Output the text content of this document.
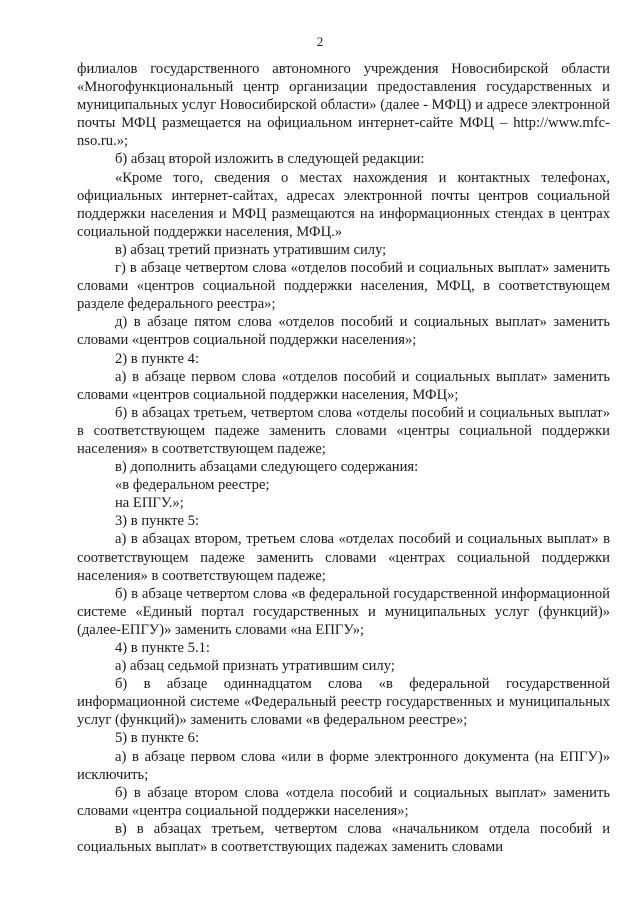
2

филиалов государственного автономного учреждения Новосибирской области «Многофункциональный центр организации предоставления государственных и муниципальных услуг Новосибирской области» (далее - МФЦ) и адресе электронной почты МФЦ размещается на официальном интернет-сайте МФЦ – http://www.mfc-nso.ru.»;

б) абзац второй изложить в следующей редакции:

«Кроме того, сведения о местах нахождения и контактных телефонах, официальных интернет-сайтах, адресах электронной почты центров социальной поддержки населения и МФЦ размещаются на информационных стендах в центрах социальной поддержки населения, МФЦ.»

в) абзац третий признать утратившим силу;

г) в абзаце четвертом слова «отделов пособий и социальных выплат» заменить словами «центров социальной поддержки населения, МФЦ, в соответствующем разделе федерального реестра»;

д) в абзаце пятом слова «отделов пособий и социальных выплат» заменить словами «центров социальной поддержки населения»;

2) в пункте 4:

а) в абзаце первом слова «отделов пособий и социальных выплат» заменить словами «центров социальной поддержки населения, МФЦ»;

б) в абзацах третьем, четвертом слова «отделы пособий и социальных выплат» в соответствующем падеже заменить словами «центры социальной поддержки населения» в соответствующем падеже;

в) дополнить абзацами следующего содержания:

«в федеральном реестре;

на ЕПГУ.»;

3) в пункте 5:

а) в абзацах втором, третьем слова «отделах пособий и социальных выплат» в соответствующем падеже заменить словами «центрах социальной поддержки населения» в соответствующем падеже;

б) в абзаце четвертом слова «в федеральной государственной информационной системе «Единый портал государственных и муниципальных услуг (функций)» (далее-ЕПГУ)» заменить словами «на ЕПГУ»;

4) в пункте 5.1:

а) абзац седьмой признать утратившим силу;

б) в абзаце одиннадцатом слова «в федеральной государственной информационной системе «Федеральный реестр государственных и муниципальных услуг (функций)» заменить словами «в федеральном реестре»;

5) в пункте 6:

а) в абзаце первом слова «или в форме электронного документа (на ЕПГУ)» исключить;

б) в абзаце втором слова «отдела пособий и социальных выплат» заменить словами «центра социальной поддержки населения»;

в) в абзацах третьем, четвертом слова «начальником отдела пособий и социальных выплат» в соответствующих падежах заменить словами
